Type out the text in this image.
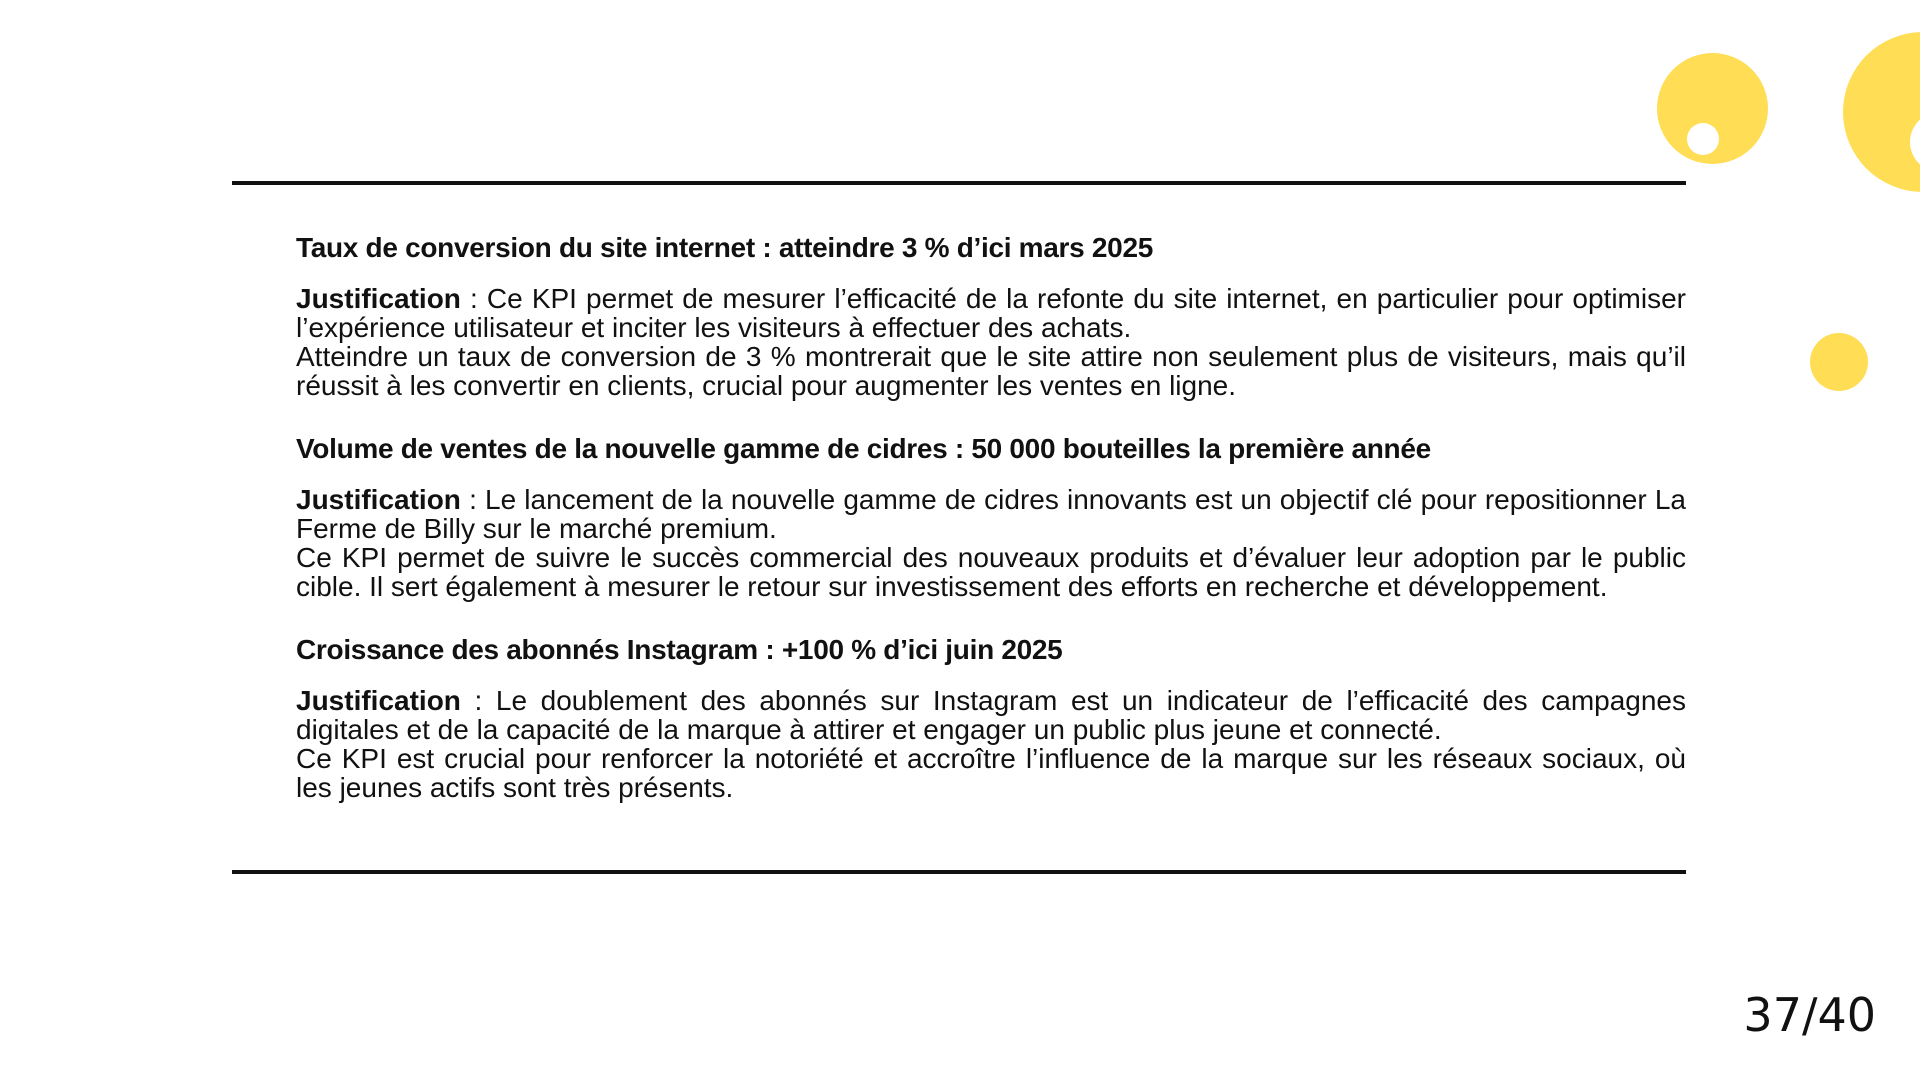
Taux de conversion du site internet : atteindre 3 % d’ici mars 2025

Justification : Ce KPI permet de mesurer l’efficacité de la refonte du site internet, en particulier pour optimiser l’expérience utilisateur et inciter les visiteurs à effectuer des achats.

Atteindre un taux de conversion de 3 % montrerait que le site attire non seulement plus de visiteurs, mais qu’il réussit à les convertir en clients, crucial pour augmenter les ventes en ligne.

Volume de ventes de la nouvelle gamme de cidres : 50 000 bouteilles la première année

Justification : Le lancement de la nouvelle gamme de cidres innovants est un objectif clé pour repositionner La Ferme de Billy sur le marché premium.

Ce KPI permet de suivre le succès commercial des nouveaux produits et d’évaluer leur adoption par le public cible. Il sert également à mesurer le retour sur investissement des efforts en recherche et développement.

Croissance des abonnés Instagram : +100 % d’ici juin 2025

Justification : Le doublement des abonnés sur Instagram est un indicateur de l’efficacité des campagnes digitales et de la capacité de la marque à attirer et engager un public plus jeune et connecté.

Ce KPI est crucial pour renforcer la notoriété et accroître l’influence de la marque sur les réseaux sociaux, où les jeunes actifs sont très présents.

37/40
